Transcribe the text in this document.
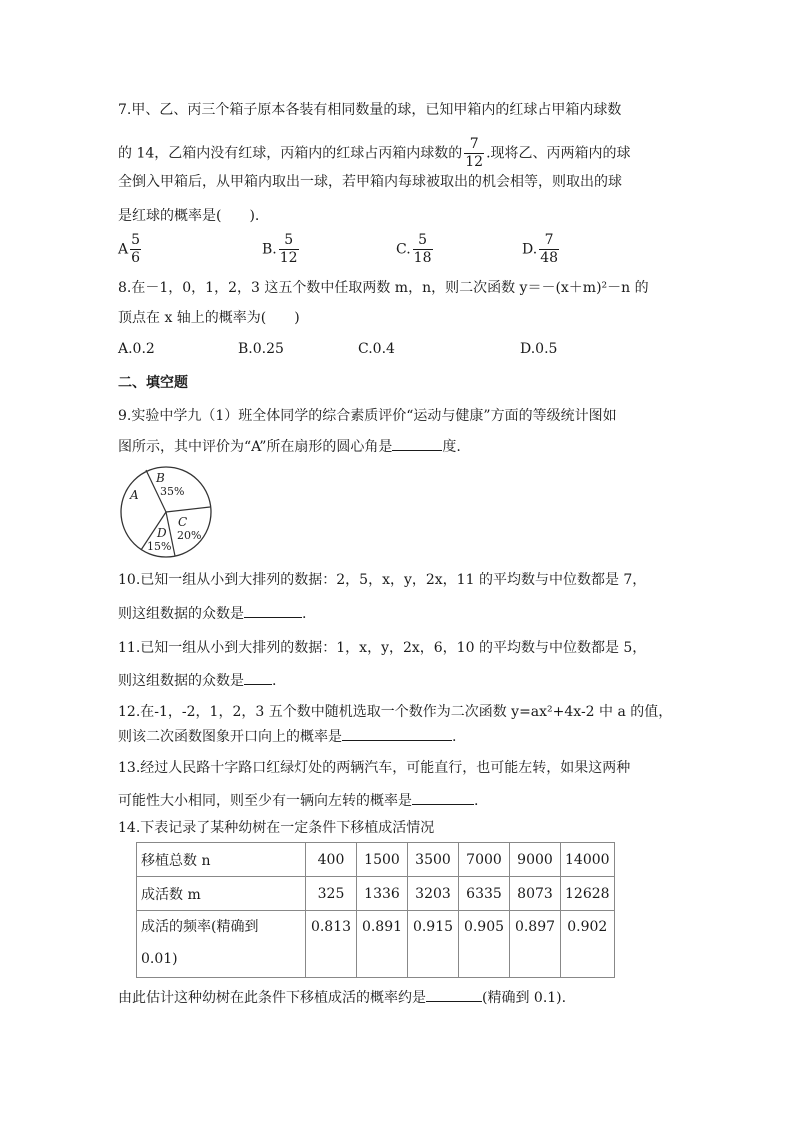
7.甲、乙、丙三个箱子原本各装有相同数量的球，已知甲箱内的红球占甲箱内球数
的 14，乙箱内没有红球，丙箱内的红球占丙箱内球数的 $\frac{7}{12}$ .现将乙、丙两箱内的球
全倒入甲箱后，从甲箱内取出一球，若甲箱内每球被取出的机会相等，则取出的球
是红球的概率是(　　).
A $\frac{5}{6}$	B. $\frac{5}{12}$	C. $\frac{5}{18}$	D. $\frac{7}{48}$
8.在－1，0，1，2，3 这五个数中任取两数 m，n，则二次函数 y＝－(x＋m)²－n 的
顶点在 x 轴上的概率为(　　)
A.0.2	B.0.25	C.0.4	D.0.5
二、填空题
9.实验中学九（1）班全体同学的综合素质评价“运动与健康”方面的等级统计图如
图所示，其中评价为“A”所在扇形的圆心角是	度.
A
B
35%
C
20%
D
15%
10.已知一组从小到大排列的数据：2，5，x，y，2x，11 的平均数与中位数都是 7，
则这组数据的众数是	.
11.已知一组从小到大排列的数据：1，x，y，2x，6，10 的平均数与中位数都是 5，
则这组数据的众数是 .
12.在-1，-2，1，2，3 五个数中随机选取一个数作为二次函数 y=ax²+4x-2 中 a 的值，
则该二次函数图象开口向上的概率是	.
13.经过人民路十字路口红绿灯处的两辆汽车，可能直行，也可能左转，如果这两种
可能性大小相同，则至少有一辆向左转的概率是	.
14.下表记录了某种幼树在一定条件下移植成活情况
移植总数 n	400	1500	3500	7000	9000	14000
成活数 m	325	1336	3203	6335	8073	12628
成活的频率(精确到
0.01)	0.813	0.891	0.915	0.905	0.897	0.902
由此估计这种幼树在此条件下移植成活的概率约是	(精确到 0.1).
